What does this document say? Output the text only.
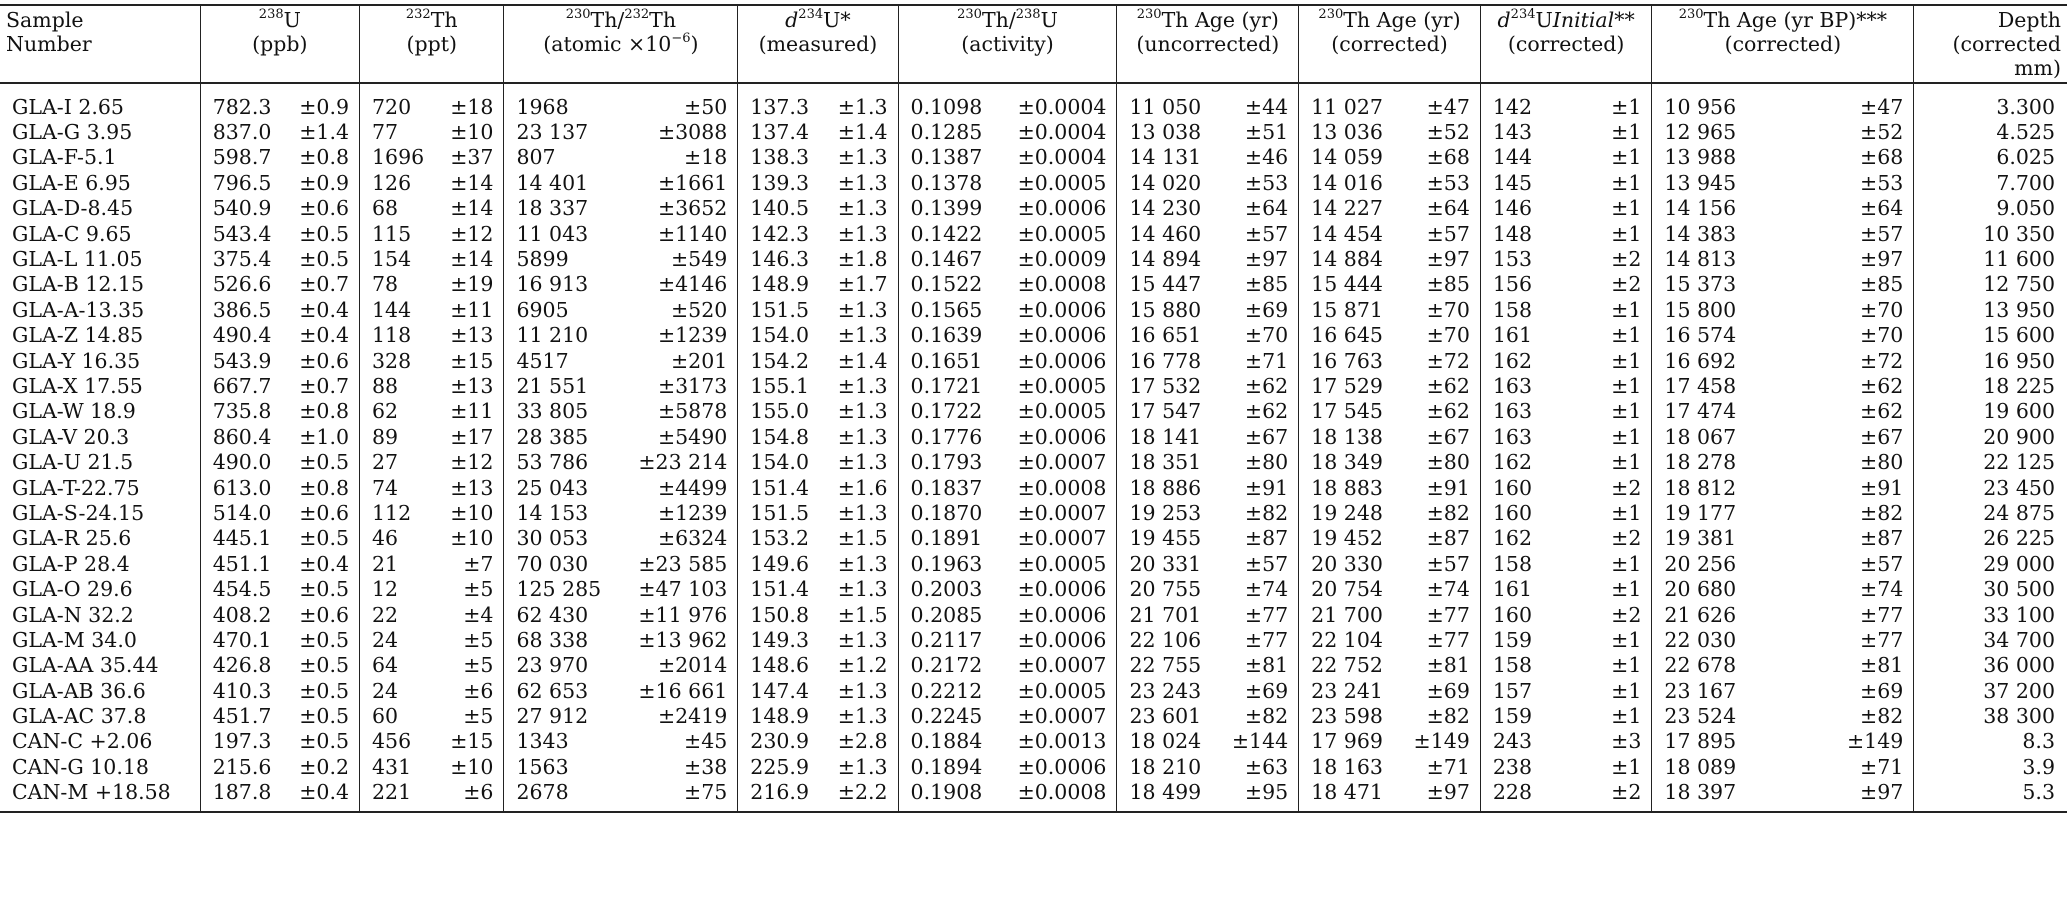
Sample	$^{238}$U		$^{232}$Th		$^{230}$Th/$^{232}$Th		$d^{234}U*$		$^{230}$Th/$^{238}$U		$^{230}$Th Age (yr)		$^{230}$Th Age (yr)		$d^{234}UInitial**$		$^{230}$Th Age (yr BP)***		Depth
Number	(ppb)		(ppt)		(atomic $\times 10^{-6}$)		(measured)		(activity)		(uncorrected)		(corrected)		(corrected)		(corrected)		(corrected mm)
GLA-I 2.65	782.3	±0.9	720	±18	1968	±50	137.3	±1.3	0.1098	±0.0004	11 050	±44	11 027	±47	142	±1	10 956	±47	3.300
GLA-G 3.95	837.0	±1.4	77	±10	23 137	±3088	137.4	±1.4	0.1285	±0.0004	13 038	±51	13 036	±52	143	±1	12 965	±52	4.525
GLA-F-5.1	598.7	±0.8	1696	±37	807	±18	138.3	±1.3	0.1387	±0.0004	14 131	±46	14 059	±68	144	±1	13 988	±68	6.025
GLA-E 6.95	796.5	±0.9	126	±14	14 401	±1661	139.3	±1.3	0.1378	±0.0005	14 020	±53	14 016	±53	145	±1	13 945	±53	7.700
GLA-D-8.45	540.9	±0.6	68	±14	18 337	±3652	140.5	±1.3	0.1399	±0.0006	14 230	±64	14 227	±64	146	±1	14 156	±64	9.050
GLA-C 9.65	543.4	±0.5	115	±12	11 043	±1140	142.3	±1.3	0.1422	±0.0005	14 460	±57	14 454	±57	148	±1	14 383	±57	10 350
GLA-L 11.05	375.4	±0.5	154	±14	5899	±549	146.3	±1.8	0.1467	±0.0009	14 894	±97	14 884	±97	153	±2	14 813	±97	11 600
GLA-B 12.15	526.6	±0.7	78	±19	16 913	±4146	148.9	±1.7	0.1522	±0.0008	15 447	±85	15 444	±85	156	±2	15 373	±85	12 750
GLA-A-13.35	386.5	±0.4	144	±11	6905	±520	151.5	±1.3	0.1565	±0.0006	15 880	±69	15 871	±70	158	±1	15 800	±70	13 950
GLA-Z 14.85	490.4	±0.4	118	±13	11 210	±1239	154.0	±1.3	0.1639	±0.0006	16 651	±70	16 645	±70	161	±1	16 574	±70	15 600
GLA-Y 16.35	543.9	±0.6	328	±15	4517	±201	154.2	±1.4	0.1651	±0.0006	16 778	±71	16 763	±72	162	±1	16 692	±72	16 950
GLA-X 17.55	667.7	±0.7	88	±13	21 551	±3173	155.1	±1.3	0.1721	±0.0005	17 532	±62	17 529	±62	163	±1	17 458	±62	18 225
GLA-W 18.9	735.8	±0.8	62	±11	33 805	±5878	155.0	±1.3	0.1722	±0.0005	17 547	±62	17 545	±62	163	±1	17 474	±62	19 600
GLA-V 20.3	860.4	±1.0	89	±17	28 385	±5490	154.8	±1.3	0.1776	±0.0006	18 141	±67	18 138	±67	163	±1	18 067	±67	20 900
GLA-U 21.5	490.0	±0.5	27	±12	53 786	±23 214	154.0	±1.3	0.1793	±0.0007	18 351	±80	18 349	±80	162	±1	18 278	±80	22 125
GLA-T-22.75	613.0	±0.8	74	±13	25 043	±4499	151.4	±1.6	0.1837	±0.0008	18 886	±91	18 883	±91	160	±2	18 812	±91	23 450
GLA-S-24.15	514.0	±0.6	112	±10	14 153	±1239	151.5	±1.3	0.1870	±0.0007	19 253	±82	19 248	±82	160	±1	19 177	±82	24 875
GLA-R 25.6	445.1	±0.5	46	±10	30 053	±6324	153.2	±1.5	0.1891	±0.0007	19 455	±87	19 452	±87	162	±2	19 381	±87	26 225
GLA-P 28.4	451.1	±0.4	21	±7	70 030	±23 585	149.6	±1.3	0.1963	±0.0005	20 331	±57	20 330	±57	158	±1	20 256	±57	29 000
GLA-O 29.6	454.5	±0.5	12	±5	125 285	±47 103	151.4	±1.3	0.2003	±0.0006	20 755	±74	20 754	±74	161	±1	20 680	±74	30 500
GLA-N 32.2	408.2	±0.6	22	±4	62 430	±11 976	150.8	±1.5	0.2085	±0.0006	21 701	±77	21 700	±77	160	±2	21 626	±77	33 100
GLA-M 34.0	470.1	±0.5	24	±5	68 338	±13 962	149.3	±1.3	0.2117	±0.0006	22 106	±77	22 104	±77	159	±1	22 030	±77	34 700
GLA-AA 35.44	426.8	±0.5	64	±5	23 970	±2014	148.6	±1.2	0.2172	±0.0007	22 755	±81	22 752	±81	158	±1	22 678	±81	36 000
GLA-AB 36.6	410.3	±0.5	24	±6	62 653	±16 661	147.4	±1.3	0.2212	±0.0005	23 243	±69	23 241	±69	157	±1	23 167	±69	37 200
GLA-AC 37.8	451.7	±0.5	60	±5	27 912	±2419	148.9	±1.3	0.2245	±0.0007	23 601	±82	23 598	±82	159	±1	23 524	±82	38 300
CAN-C +2.06	197.3	±0.5	456	±15	1343	±45	230.9	±2.8	0.1884	±0.0013	18 024	±144	17 969	±149	243	±3	17 895	±149	8.3
CAN-G 10.18	215.6	±0.2	431	±10	1563	±38	225.9	±1.3	0.1894	±0.0006	18 210	±63	18 163	±71	238	±1	18 089	±71	3.9
CAN-M +18.58	187.8	±0.4	221	±6	2678	±75	216.9	±2.2	0.1908	±0.0008	18 499	±95	18 471	±97	228	±2	18 397	±97	5.3
